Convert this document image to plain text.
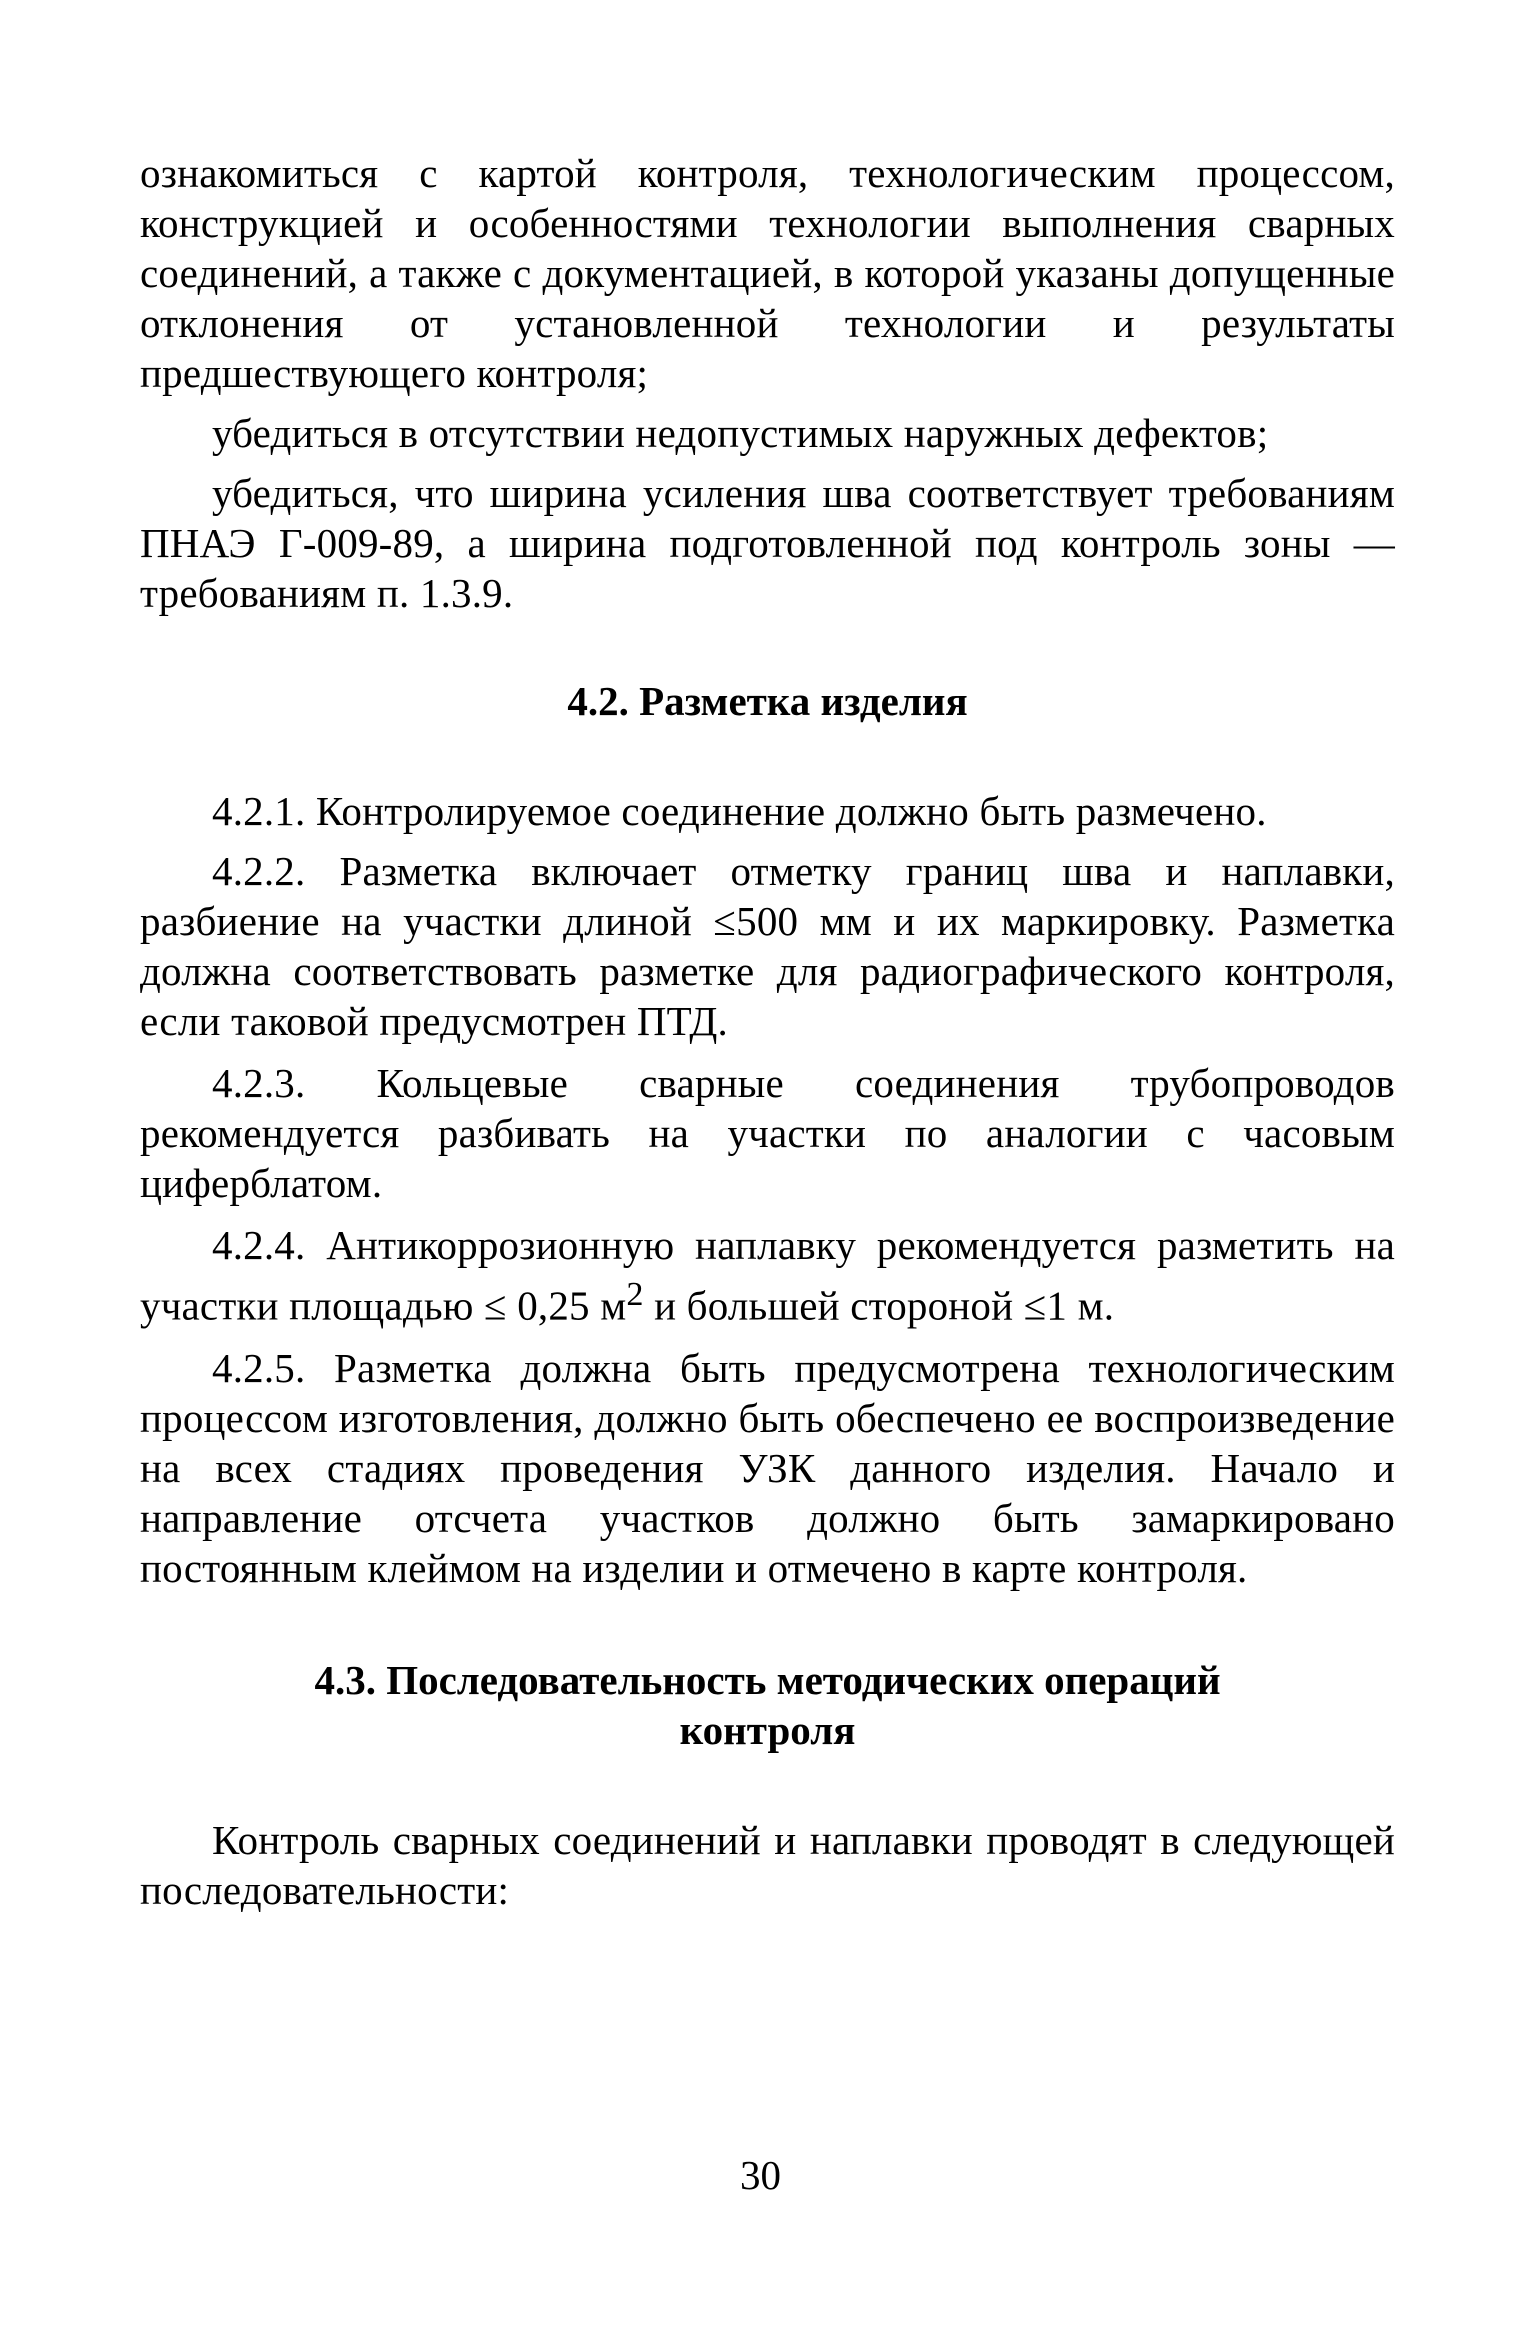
ознакомиться с картой контроля, технологическим процессом, конструкцией и особенностями технологии выполнения сварных соединений, а также с документацией, в которой указаны допущенные отклонения от установленной технологии и результаты предшествующего контроля;

убедиться в отсутствии недопустимых наружных дефектов;

убедиться, что ширина усиления шва соответствует требованиям ПНАЭ Г-009-89, а ширина подготовленной под контроль зоны — требованиям п. 1.3.9.

4.2. Разметка изделия

4.2.1. Контролируемое соединение должно быть размечено.

4.2.2. Разметка включает отметку границ шва и наплавки, разбиение на участки длиной ≤500 мм и их маркировку. Разметка должна соответствовать разметке для радиографического контроля, если таковой предусмотрен ПТД.

4.2.3. Кольцевые сварные соединения трубопроводов рекомендуется разбивать на участки по аналогии с часовым циферблатом.

4.2.4. Антикоррозионную наплавку рекомендуется разметить на участки площадью ≤ 0,25 $м^2$ и большей стороной ≤1 м.

4.2.5. Разметка должна быть предусмотрена технологическим процессом изготовления, должно быть обеспечено ее воспроизведение на всех стадиях проведения УЗК данного изделия. Начало и направление отсчета участков должно быть замаркировано постоянным клеймом на изделии и отмечено в карте контроля.

4.3. Последовательность методических операций
контроля

Контроль сварных соединений и наплавки проводят в следующей последовательности:

30
